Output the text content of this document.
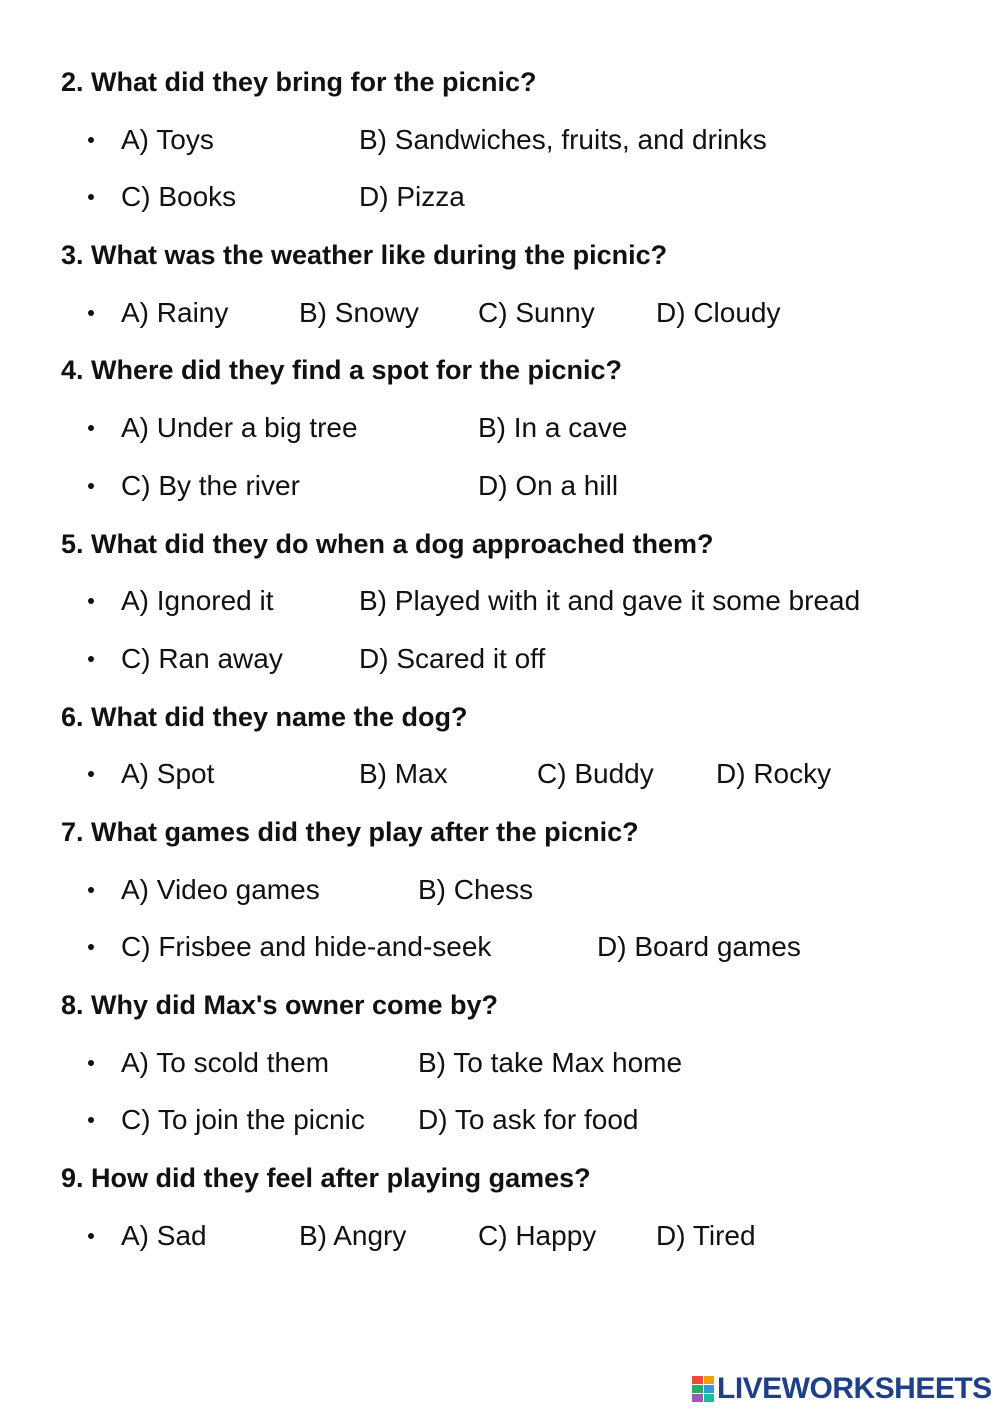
2. What did they bring for the picnic?
A) Toys	B) Sandwiches, fruits, and drinks
C) Books	D) Pizza
3. What was the weather like during the picnic?
A) Rainy	B) Snowy C) Sunny D) Cloudy
4. Where did they find a spot for the picnic?
A) Under a big tree	B) In a cave
C) By the river	D) On a hill
5. What did they do when a dog approached them?
A) Ignored it	B) Played with it and gave it some bread
C) Ran away	D) Scared it off
6. What did they name the dog?
A) Spot	B) Max	C) Buddy D) Rocky
7. What games did they play after the picnic?
A) Video games	B) Chess
C) Frisbee and hide-and-seek	D) Board games
8. Why did Max's owner come by?
A) To scold them	B) To take Max home
C) To join the picnic D) To ask for food
9. How did they feel after playing games?
A) Sad	B) Angry	C) Happy D) Tired
LIVEWORKSHEETS
